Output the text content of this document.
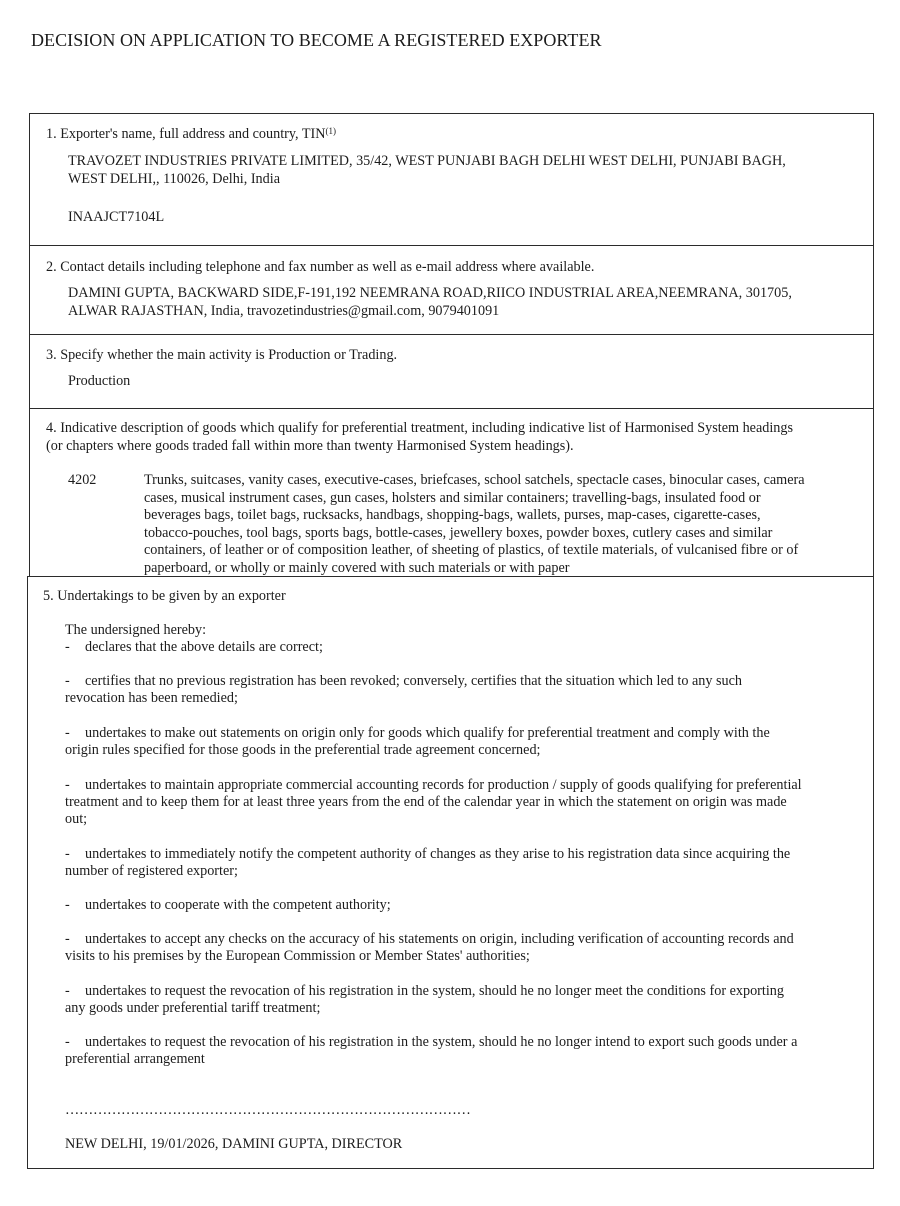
DECISION ON APPLICATION TO BECOME A REGISTERED EXPORTER
1. Exporter's name, full address and country, TIN$^{(1)}$
TRAVOZET INDUSTRIES PRIVATE LIMITED, 35/42, WEST PUNJABI BAGH DELHI WEST DELHI, PUNJABI BAGH,
WEST DELHI,, 110026, Delhi, India
INAAJCT7104L
2. Contact details including telephone and fax number as well as e-mail address where available.
DAMINI GUPTA, BACKWARD SIDE,F-191,192 NEEMRANA ROAD,RIICO INDUSTRIAL AREA,NEEMRANA, 301705,
ALWAR RAJASTHAN, India, travozetindustries@gmail.com, 9079401091
3. Specify whether the main activity is Production or Trading.
Production
4. Indicative description of goods which qualify for preferential treatment, including indicative list of Harmonised System headings
(or chapters where goods traded fall within more than twenty Harmonised System headings).
4202	Trunks, suitcases, vanity cases, executive-cases, briefcases, school satchels, spectacle cases, binocular cases, camera
cases, musical instrument cases, gun cases, holsters and similar containers; travelling-bags, insulated food or
beverages bags, toilet bags, rucksacks, handbags, shopping-bags, wallets, purses, map-cases, cigarette-cases,
tobacco-pouches, tool bags, sports bags, bottle-cases, jewellery boxes, powder boxes, cutlery cases and similar
containers, of leather or of composition leather, of sheeting of plastics, of textile materials, of vulcanised fibre or of
paperboard, or wholly or mainly covered with such materials or with paper
5. Undertakings to be given by an exporter
The undersigned hereby:
- declares that the above details are correct;
- certifies that no previous registration has been revoked; conversely, certifies that the situation which led to any such
revocation has been remedied;
- undertakes to make out statements on origin only for goods which qualify for preferential treatment and comply with the
origin rules specified for those goods in the preferential trade agreement concerned;
- undertakes to maintain appropriate commercial accounting records for production / supply of goods qualifying for preferential
treatment and to keep them for at least three years from the end of the calendar year in which the statement on origin was made
out;
- undertakes to immediately notify the competent authority of changes as they arise to his registration data since acquiring the
number of registered exporter;
- undertakes to cooperate with the competent authority;
- undertakes to accept any checks on the accuracy of his statements on origin, including verification of accounting records and
visits to his premises by the European Commission or Member States' authorities;
- undertakes to request the revocation of his registration in the system, should he no longer meet the conditions for exporting
any goods under preferential tariff treatment;
- undertakes to request the revocation of his registration in the system, should he no longer intend to export such goods under a
preferential arrangement
……………………………………………………………………………
NEW DELHI, 19/01/2026, DAMINI GUPTA, DIRECTOR
